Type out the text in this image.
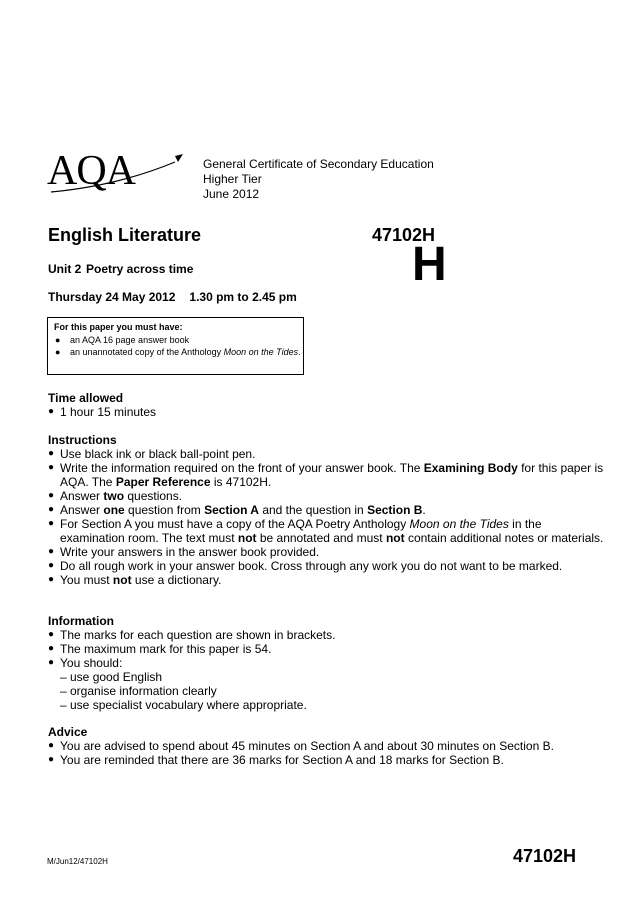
AQA	General Certificate of Secondary Education
Higher Tier
June 2012
English Literature	47102H
H
Unit 2 Poetry across time
Thursday 24 May 2012 1.30 pm to 2.45 pm
For this paper you must have:
● an AQA 16 page answer book
● an unannotated copy of the Anthology Moon on the Tides.
Time allowed
● 1 hour 15 minutes
Instructions
● Use black ink or black ball-point pen.
● Write the information required on the front of your answer book. The Examining Body for this paper is AQA. The Paper Reference is 47102H.
● Answer two questions.
● Answer one question from Section A and the question in Section B.
● For Section A you must have a copy of the AQA Poetry Anthology Moon on the Tides in the examination room. The text must not be annotated and must not contain additional notes or materials.
● Write your answers in the answer book provided.
● Do all rough work in your answer book. Cross through any work you do not want to be marked.
● You must not use a dictionary.
Information
● The marks for each question are shown in brackets.
● The maximum mark for this paper is 54.
● You should:
– use good English
– organise information clearly
– use specialist vocabulary where appropriate.
Advice
● You are advised to spend about 45 minutes on Section A and about 30 minutes on Section B.
● You are reminded that there are 36 marks for Section A and 18 marks for Section B.
M/Jun12/47102H	47102H
